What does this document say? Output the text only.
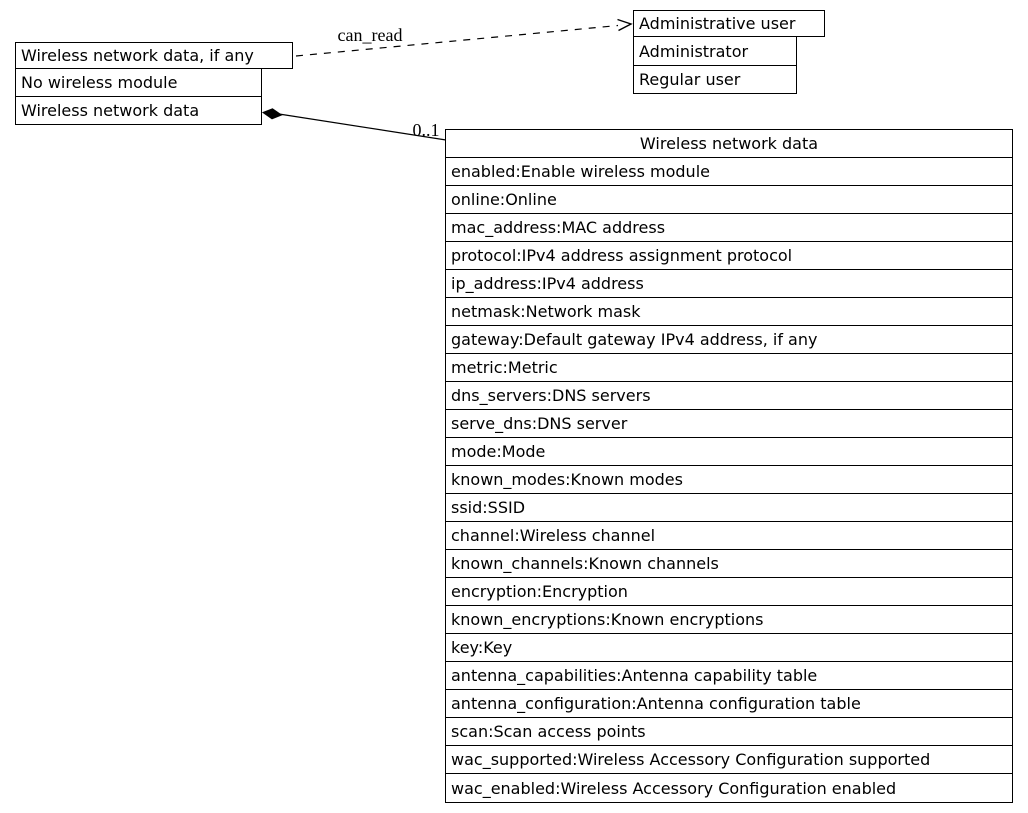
can_read
0..1
Wireless network data, if any
No wireless module
Wireless network data
Administrative user
Administrator
Regular user
Wireless network data
enabled:Enable wireless module
online:Online
mac_address:MAC address
protocol:IPv4 address assignment protocol
ip_address:IPv4 address
netmask:Network mask
gateway:Default gateway IPv4 address, if any
metric:Metric
dns_servers:DNS servers
serve_dns:DNS server
mode:Mode
known_modes:Known modes
ssid:SSID
channel:Wireless channel
known_channels:Known channels
encryption:Encryption
known_encryptions:Known encryptions
key:Key
antenna_capabilities:Antenna capability table
antenna_configuration:Antenna configuration table
scan:Scan access points
wac_supported:Wireless Accessory Configuration supported
wac_enabled:Wireless Accessory Configuration enabled
